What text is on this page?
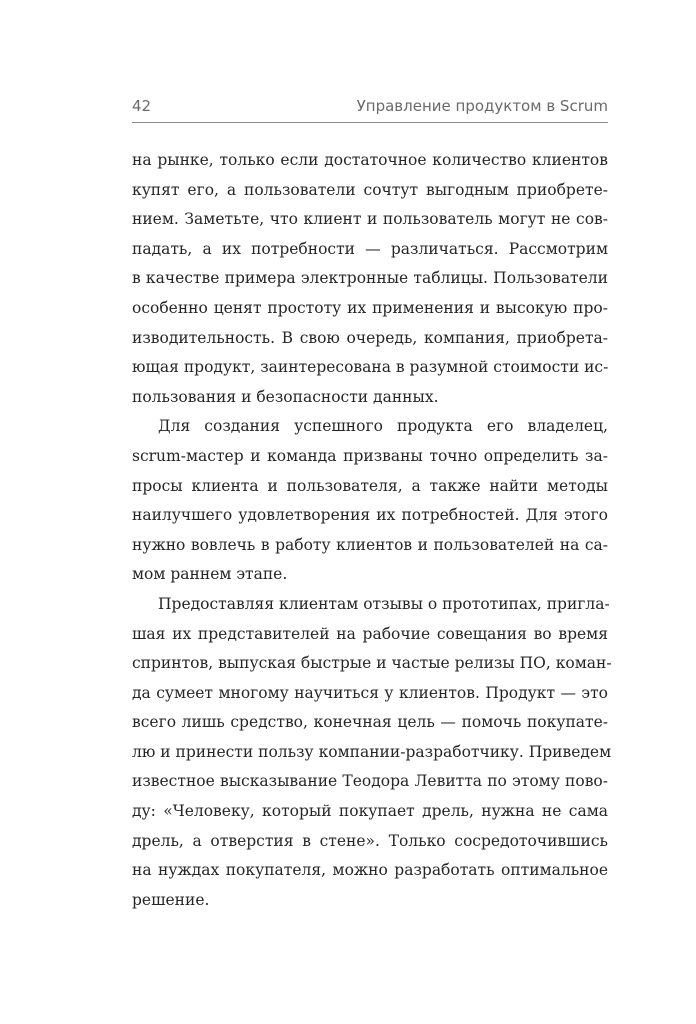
42	Управление продуктом в Scrum
на рынке, только если достаточное количество клиентов
купят его, а пользователи сочтут выгодным приобрете-
нием. Заметьте, что клиент и пользователь могут не сов-
падать, а их потребности — различаться. Рассмотрим
в качестве примера электронные таблицы. Пользователи
особенно ценят простоту их применения и высокую про-
изводительность. В свою очередь, компания, приобрета-
ющая продукт, заинтересована в разумной стоимости ис-
пользования и безопасности данных.
Для создания успешного продукта его владелец,
scrum-мастер и команда призваны точно определить за-
просы клиента и пользователя, а также найти методы
наилучшего удовлетворения их потребностей. Для этого
нужно вовлечь в работу клиентов и пользователей на са-
мом раннем этапе.
Предоставляя клиентам отзывы о прототипах, пригла-
шая их представителей на рабочие совещания во время
спринтов, выпуская быстрые и частые релизы ПО, коман-
да сумеет многому научиться у клиентов. Продукт — это
всего лишь средство, конечная цель — помочь покупате-
лю и принести пользу компании-разработчику. Приведем
известное высказывание Теодора Левитта по этому пово-
ду: «Человеку, который покупает дрель, нужна не сама
дрель, а отверстия в стене». Только сосредоточившись
на нуждах покупателя, можно разработать оптимальное
решение.
